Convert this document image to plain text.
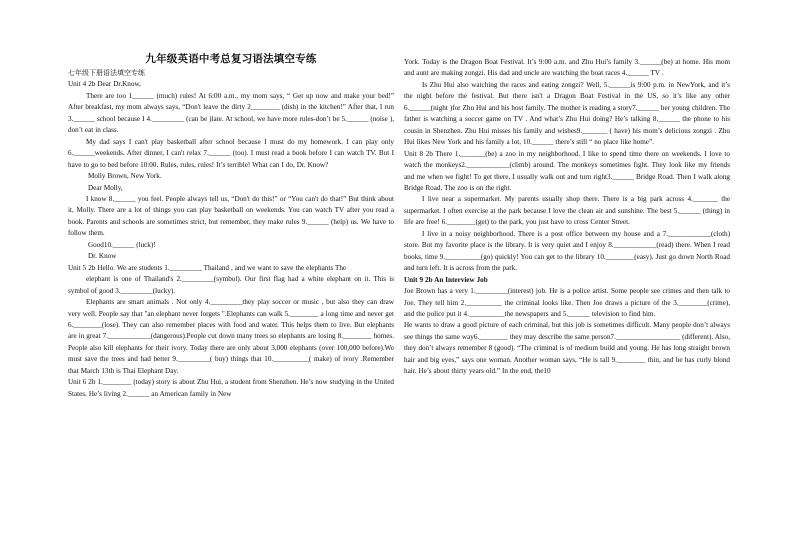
九年级英语中考总复习语法填空专练
七年级下册语法填空专练
Unit 4 2b Dear Dr.Know,
There are too 1______ (much) rules! At 6:00 a.m., my mom says, “ Get up now and make your bed!” After breakfast, my mom always says, “Don't leave the dirty 2________ (dish) in the kitchen!” After that, I run 3.______ school because I 4._________ (can be )late. At school, we have more rules-don’t be 5.______ (noise ), don’t eat in class.
My dad says I can't play basketball after school because I must do my homework. I can play only 6.______weekends. After dinner, I can't relax 7.______ (too). I must read a book before I can watch TV. But I have to go to bed before 10:00. Rules, rules, rules! It’s terrible! What can I do, Dr. Know?
Molly Brown, New York.
Dear Molly,
I know 8.______ you feel. People always tell us, “Don't do this!” or “You can't do that!” But think about it, Molly. There are a lot of things you can play basketball on weekends. You can watch TV after you read a book. Parents and schools are sometimes strict, but remember, they make rules 9.______ (help) us. We have to follow them.
Good10.______ (luck)!
Dr. Know
Unit 5 2b Hello. We are students 1._________ Thailand , and we want to save the elephants The
elephant is one of Thailand's 2._________(symbol). Our first flag had a white elephant on it. This is symbol of good 3._________(lucky).
Elephants are smart animals . Not only 4._________they play soccer or music , but also they can draw very well. People say that "an elephant never forgets ".Elephants can walk 5.________ a long time and never get 6.________(lose). They can also remember places with food and water. This helps them to live. But elephants are in great 7.____________(dangerous).People cut down many trees so elephants are losing 8.________ homes. People also kill elephants for their ivory. Today there are only about 3,000 elephants (over 100,000 before).We must save the trees and had better 9._________( buy) things that 10.__________( make) of ivory .Remember that March 13th is Thai Elephant Day.
Unit 6 2b 1.________ (today) story is about Zhu Hui, a student from Shenzhen. He’s now studying in the United States. He’s living 2.______ an American family in New
York. Today is the Dragon Boat Festival. It’s 9:00 a.m. and Zhu Hui’s family 3.______(be) at home. His mom and aunt are making zongzi. His dad and uncle are watching the boat races 4.______ TV .
Is Zhu Hui also watching the races and eating zongzi? Well, 5.______is 9:00 p.m. in NewYork, and it’s the night before the festival. But there isn't a Dragon Boat Festival in the US, so it’s like any other 6.______(night )for Zhu Hui and his host family. The mother is reading a story7.______ her young children. The father is watching a soccer game on TV . And what’s Zhu Hui doing? He’s talking 8.______ the phone to his cousin in Shenzhen. Zhu Hui misses his family and wishes9._______ ( have) his mom’s delicious zongzi . Zhu Hui likes New York and his family a lot, 10.______ there’s still “ no place like home”.
Unit 8 2b There 1._______(be) a zoo in my neighborhood. I like to spend time there on weekends. I love to watch the monkeys2.____________(climb) around. The monkeys sometimes fight. They look like my friends and me when we fight! To get there, I usually walk out and turn right3.______ Bridge Road. Then I walk along Bridge Road. The zoo is on the right.
I live near a supermarket. My parents usually shop there. There is a big park across 4._______ the supermarket. I often exercise at the park because I love the clean air and sunshine. The best 5.______ (thing) in life are free! 6.________(get) to the park, you just have to cross Center Street.
I live in a noisy neighborhood. There is a post office between my house and a 7.____________(cloth) store. But my favorite place is the library. It is very quiet and I enjoy 8.____________(read) there. When I read books, time 9.__________(go) quickly! You can get to the library 10.________(easy). Just go down North Road and turn left. It is across from the park.
Unit 9 2b An Interview Job
Joe Brown has a very 1._________(interest) job. He is a police artist. Some people see crimes and then talk to Joe. They tell him 2.__________ the criminal looks like. Then Joe draws a picture of the 3.________(crime), and the police put it 4.__________the newspapers and 5.______ television to find him.
He wants to draw a good picture of each criminal, but this job is sometimes difficult. Many people don’t always see things the same way6.________ they may describe the same person7.__________________ (different). Also, they don’t always remember 8 (good). “The criminal is of medium build and young. He has long straight brown hair and big eyes,” says one woman. Another woman says, “He is tall 9.________ thin, and he has curly blond hair. He’s about thirty years old.” In the end, the10
